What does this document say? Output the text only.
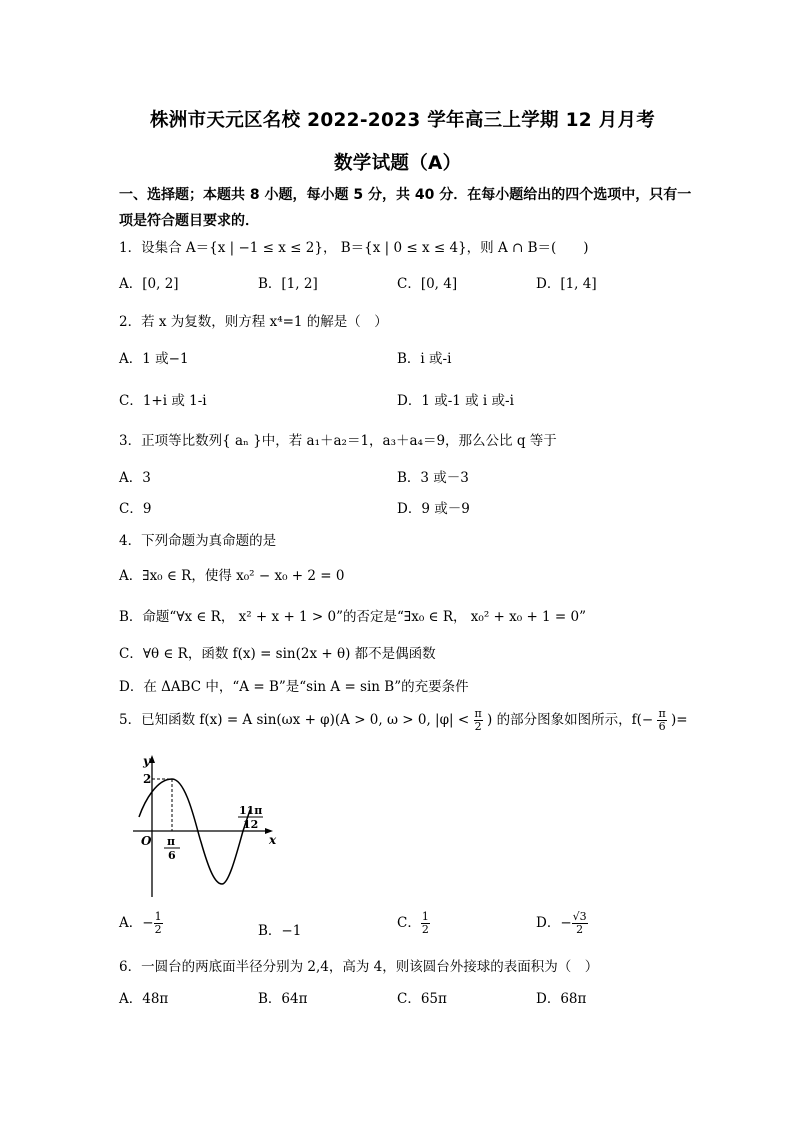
株洲市天元区名校 2022-2023 学年高三上学期 12 月月考
数学试题（A）
一、选择题；本题共 8 小题，每小题 5 分，共 40 分．在每小题给出的四个选项中，只有一
项是符合题目要求的．
1．设集合 A＝{x | −1 ≤ x ≤ 2}， B＝{x | 0 ≤ x ≤ 4}，则 A ∩ B＝(　　)
A．[0, 2]	B．[1, 2]	C．[0, 4]	D．[1, 4]
2．若 x 为复数，则方程 x⁴=1 的解是（　）
A．1 或−1	B．i 或-i
C．1+i 或 1-i	D．1 或-1 或 i 或-i
3．正项等比数列{ aₙ }中，若 a₁＋a₂＝1，a₃＋a₄＝9，那么公比 q 等于
A．3	B．3 或－3
C．9	D．9 或－9
4．下列命题为真命题的是
A．∃x₀ ∈ R，使得 x₀² − x₀ + 2 = 0
B．命题“∀x ∈ R， x² + x + 1 > 0”的否定是“∃x₀ ∈ R， x₀² + x₀ + 1 = 0”
C．∀θ ∈ R，函数 f(x) = sin(2x + θ) 都不是偶函数
D．在 ΔABC 中，“A = B”是“sin A = sin B”的充要条件
5．已知函数 f(x) = A sin(ωx + φ)(A > 0, ω > 0, $|\varphi| < \frac{\pi}{2}$ ) 的部分图象如图所示，$f(- \frac{\pi}{6}$ )=
y
x
O
2
π
6
11π
12
A．− $\frac{1}{2}$	B．−1	C． $\frac{1}{2}$	D．− $\frac{√3}{2}$
6．一圆台的两底面半径分别为 2,4，高为 4，则该圆台外接球的表面积为（　）
A．48π	B．64π	C．65π	D．68π
